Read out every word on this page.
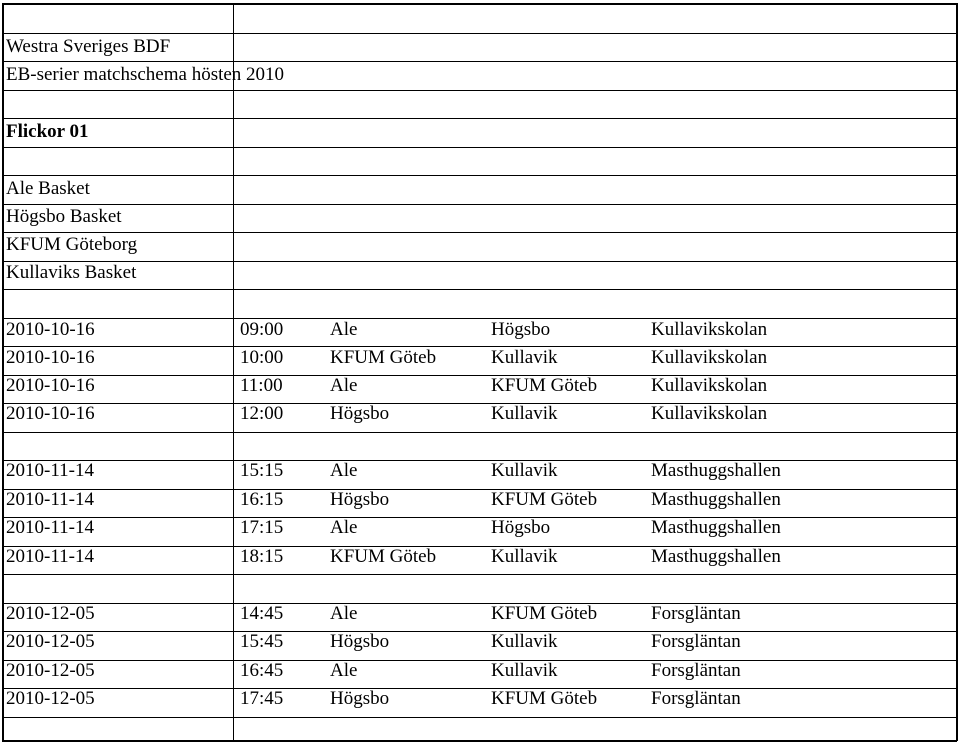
Westra Sveriges BDF
EB-serier matchschema hösten 2010
Flickor 01
Ale Basket
Högsbo Basket
KFUM Göteborg
Kullaviks Basket
2010-10-16	09:00 Ale	Högsbo	Kullavikskolan
2010-10-16	10:00 KFUM Göteb	Kullavik	Kullavikskolan
2010-10-16	11:00 Ale	KFUM Göteb	Kullavikskolan
2010-10-16	12:00 Högsbo	Kullavik	Kullavikskolan
2010-11-14	15:15 Ale	Kullavik	Masthuggshallen
2010-11-14	16:15 Högsbo	KFUM Göteb	Masthuggshallen
2010-11-14	17:15 Ale	Högsbo	Masthuggshallen
2010-11-14	18:15 KFUM Göteb	Kullavik	Masthuggshallen
2010-12-05	14:45 Ale	KFUM Göteb	Forsgläntan
2010-12-05	15:45 Högsbo	Kullavik	Forsgläntan
2010-12-05	16:45 Ale	Kullavik	Forsgläntan
2010-12-05	17:45 Högsbo	KFUM Göteb	Forsgläntan
